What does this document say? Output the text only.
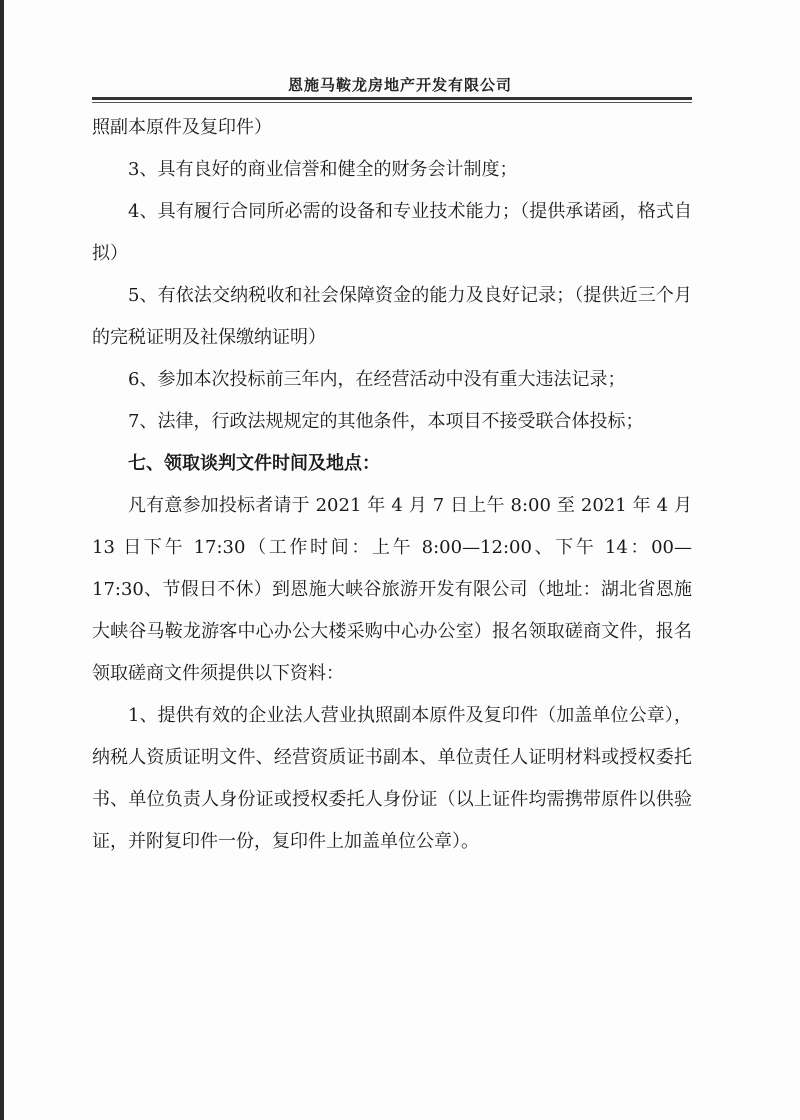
恩施马鞍龙房地产开发有限公司

照副本原件及复印件）

3、具有良好的商业信誉和健全的财务会计制度；

4、具有履行合同所必需的设备和专业技术能力；（提供承诺函，格式自拟）

5、有依法交纳税收和社会保障资金的能力及良好记录；（提供近三个月的完税证明及社保缴纳证明）

6、参加本次投标前三年内，在经营活动中没有重大违法记录；

7、法律，行政法规规定的其他条件，本项目不接受联合体投标；

七、领取谈判文件时间及地点：

凡有意参加投标者请于 2021 年 4 月 7 日上午 8:00 至 2021 年 4 月 13 日下午 17:30（工作时间：上午 8:00—12:00、下午 14：00—17:30、节假日不休）到恩施大峡谷旅游开发有限公司（地址：湖北省恩施大峡谷马鞍龙游客中心办公大楼采购中心办公室）报名领取磋商文件，报名领取磋商文件须提供以下资料：

1、提供有效的企业法人营业执照副本原件及复印件（加盖单位公章），纳税人资质证明文件、经营资质证书副本、单位责任人证明材料或授权委托书、单位负责人身份证或授权委托人身份证（以上证件均需携带原件以供验证，并附复印件一份，复印件上加盖单位公章）。
